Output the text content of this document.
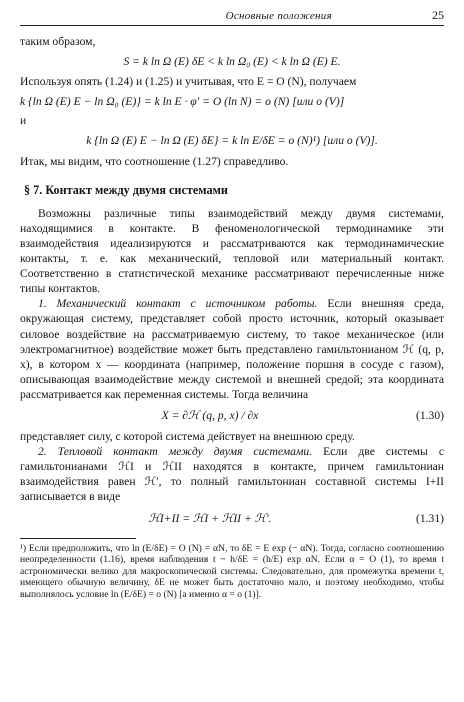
Основные положения	25

таким образом,

S = k ln Ω (E) δE < k ln Ω₀ (E) < k ln Ω (E) E.

Используя опять (1.24) и (1.25) и учитывая, что E = O (N), получаем

k {ln Ω (E) E − ln Ω₀ (E)} = k ln E · φ′ = O (ln N) = o (N) [или o (V)]

и

k {ln Ω (E) E − ln Ω (E) δE} = k ln E/δE = o (N)¹) [или o (V)].

Итак, мы видим, что соотношение (1.27) справедливо.

§ 7. Контакт между двумя системами

Возможны различные типы взаимодействий между двумя системами, находящимися в контакте. В феноменологической термодинамике эти взаимодействия идеализируются и рассматриваются как термодинамические контакты, т. е. как механический, тепловой или материальный контакт. Соответственно в статистической механике рассматривают перечисленные ниже типы контактов.

1. Механический контакт с источником работы. Если внешняя среда, окружающая систему, представляет собой просто источник, который оказывает силовое воздействие на рассматриваемую систему, то такое механическое (или электромагнитное) воздействие может быть представлено гамильтонианом ℋ (q, p, x), в котором x — координата (например, положение поршня в сосуде с газом), описывающая взаимодействие между системой и внешней средой; эта координата рассматривается как переменная системы. Тогда величина

X = ∂ℋ (q, p, x) / ∂x	(1.30)

представляет силу, с которой система действует на внешнюю среду.

2. Тепловой контакт между двумя системами. Если две системы с гамильтонианами ℋI и ℋII находятся в контакте, причем гамильтониан взаимодействия равен ℋ′, то полный гамильтониан составной системы I+II записывается в виде

ℋI+II = ℋI + ℋII + ℋ′.	(1.31)

¹) Если предположить, что ln (E/δE) = O (N) = αN, то δE = E exp (− αN). Тогда, согласно соотношению неопределенности (1.16), время наблюдения t ~ h/δE = (h/E) exp αN. Если α = O (1), то время t астрономически велико для макроскопической системы. Следовательно, для промежутка времени t, имеющего обычную величину, δE не может быть достаточно мало, и поэтому необходимо, чтобы выполнялось условие ln (E/δE) = o (N) [а именно α = o (1)].
